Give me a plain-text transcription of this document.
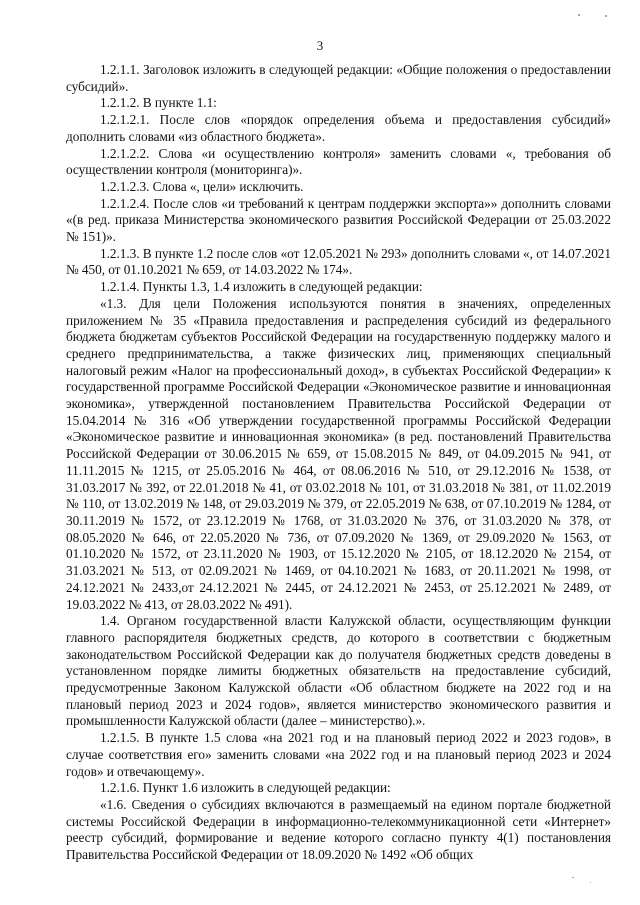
3

1.2.1.1. Заголовок изложить в следующей редакции: «Общие положения о предоставлении субсидий».

1.2.1.2. В пункте 1.1:

1.2.1.2.1. После слов «порядок определения объема и предоставления субсидий» дополнить словами «из областного бюджета».

1.2.1.2.2. Слова «и осуществлению контроля» заменить словами «, требования об осуществлении контроля (мониторинга)».

1.2.1.2.3. Слова «, цели» исключить.

1.2.1.2.4. После слов «и требований к центрам поддержки экспорта»» дополнить словами «(в ред. приказа Министерства экономического развития Российской Федерации от 25.03.2022 № 151)».

1.2.1.3. В пункте 1.2 после слов «от 12.05.2021 № 293» дополнить словами «, от 14.07.2021 № 450, от 01.10.2021 № 659, от 14.03.2022 № 174».

1.2.1.4. Пункты 1.3, 1.4 изложить в следующей редакции:

«1.3. Для цели Положения используются понятия в значениях, определенных приложением № 35 «Правила предоставления и распределения субсидий из федерального бюджета бюджетам субъектов Российской Федерации на государственную поддержку малого и среднего предпринимательства, а также физических лиц, применяющих специальный налоговый режим «Налог на профессиональный доход», в субъектах Российской Федерации» к государственной программе Российской Федерации «Экономическое развитие и инновационная экономика», утвержденной постановлением Правительства Российской Федерации от 15.04.2014 № 316 «Об утверждении государственной программы Российской Федерации «Экономическое развитие и инновационная экономика» (в ред. постановлений Правительства Российской Федерации от 30.06.2015 № 659, от 15.08.2015 № 849, от 04.09.2015 № 941, от 11.11.2015 № 1215, от 25.05.2016 № 464, от 08.06.2016 № 510, от 29.12.2016 № 1538, от 31.03.2017 № 392, от 22.01.2018 № 41, от 03.02.2018 № 101, от 31.03.2018 № 381, от 11.02.2019 № 110, от 13.02.2019 № 148, от 29.03.2019 № 379, от 22.05.2019 № 638, от 07.10.2019 № 1284, от 30.11.2019 № 1572, от 23.12.2019 № 1768, от 31.03.2020 № 376, от 31.03.2020 № 378, от 08.05.2020 № 646, от 22.05.2020 № 736, от 07.09.2020 № 1369, от 29.09.2020 № 1563, от 01.10.2020 № 1572, от 23.11.2020 № 1903, от 15.12.2020 № 2105, от 18.12.2020 № 2154, от 31.03.2021 № 513, от 02.09.2021 № 1469, от 04.10.2021 № 1683, от 20.11.2021 № 1998, от 24.12.2021 № 2433,от 24.12.2021 № 2445, от 24.12.2021 № 2453, от 25.12.2021 № 2489, от 19.03.2022 № 413, от 28.03.2022 № 491).

1.4. Органом государственной власти Калужской области, осуществляющим функции главного распорядителя бюджетных средств, до которого в соответствии с бюджетным законодательством Российской Федерации как до получателя бюджетных средств доведены в установленном порядке лимиты бюджетных обязательств на предоставление субсидий, предусмотренные Законом Калужской области «Об областном бюджете на 2022 год и на плановый период 2023 и 2024 годов», является министерство экономического развития и промышленности Калужской области (далее – министерство).».

1.2.1.5. В пункте 1.5 слова «на 2021 год и на плановый период 2022 и 2023 годов», в случае соответствия его» заменить словами «на 2022 год и на плановый период 2023 и 2024 годов» и отвечающему».

1.2.1.6. Пункт 1.6 изложить в следующей редакции:

«1.6. Сведения о субсидиях включаются в размещаемый на едином портале бюджетной системы Российской Федерации в информационно-телекоммуникационной сети «Интернет» реестр субсидий, формирование и ведение которого согласно пункту 4(1) постановления Правительства Российской Федерации от 18.09.2020 № 1492 «Об общих
